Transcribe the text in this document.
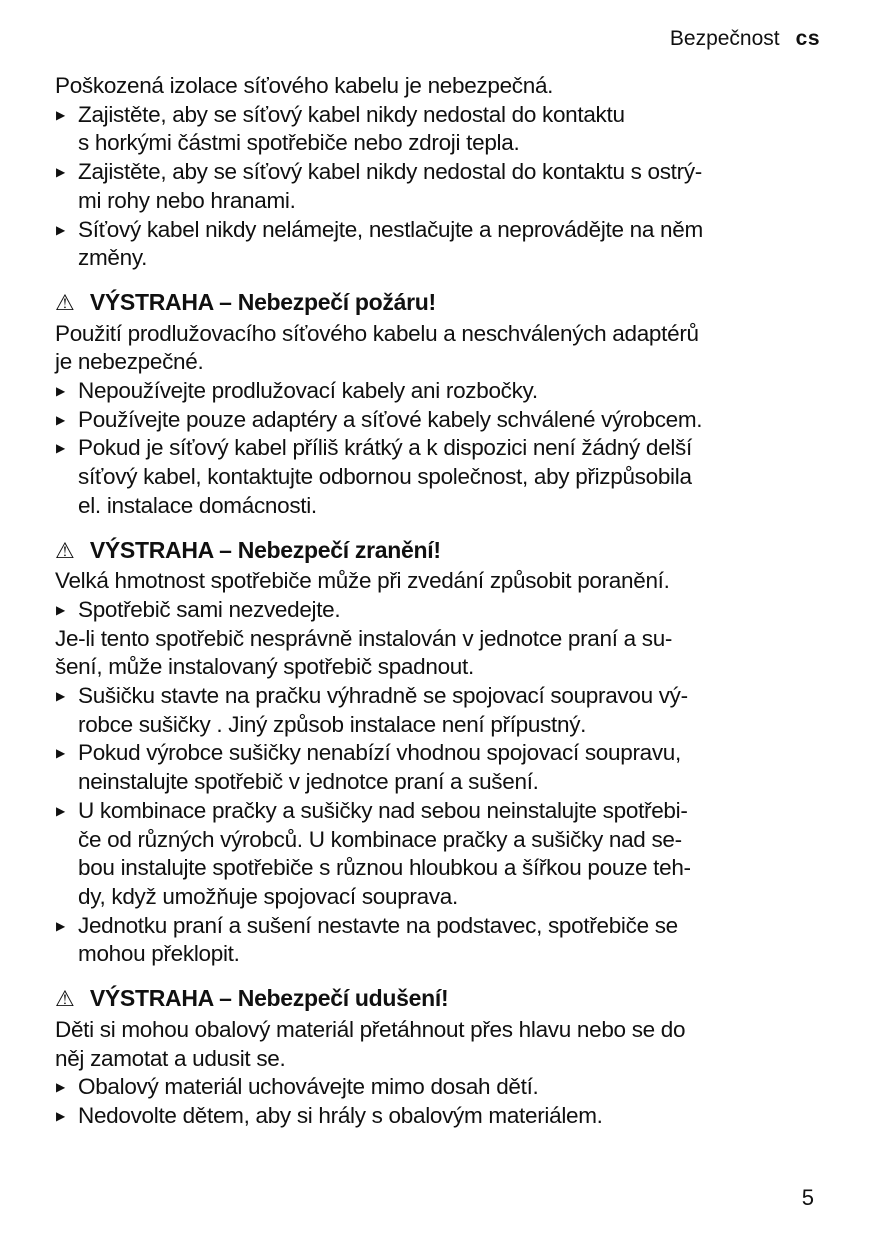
Bezpečnost cs

Poškozená izolace síťového kabelu je nebezpečná.

▶ Zajistěte, aby se síťový kabel nikdy nedostal do kontaktu
s horkými částmi spotřebiče nebo zdroji tepla.
▶ Zajistěte, aby se síťový kabel nikdy nedostal do kontaktu s ostrý-
mi rohy nebo hranami.
▶ Síťový kabel nikdy nelámejte, nestlačujte a neprovádějte na něm
změny.
⚠ VÝSTRAHA – Nebezpečí požáru!

Použití prodlužovacího síťového kabelu a neschválených adaptérů
je nebezpečné.

▶ Nepoužívejte prodlužovací kabely ani rozbočky.
▶ Používejte pouze adaptéry a síťové kabely schválené výrobcem.
▶ Pokud je síťový kabel příliš krátký a k dispozici není žádný delší
síťový kabel, kontaktujte odbornou společnost, aby přizpůsobila
el. instalace domácnosti.
⚠ VÝSTRAHA – Nebezpečí zranění!

Velká hmotnost spotřebiče může při zvedání způsobit poranění.

▶ Spotřebič sami nezvedejte.

Je-li tento spotřebič nesprávně instalován v jednotce praní a su-
šení, může instalovaný spotřebič spadnout.

▶ Sušičku stavte na pračku výhradně se spojovací soupravou vý-
robce sušičky . Jiný způsob instalace není přípustný.
▶ Pokud výrobce sušičky nenabízí vhodnou spojovací soupravu,
neinstalujte spotřebič v jednotce praní a sušení.
▶ U kombinace pračky a sušičky nad sebou neinstalujte spotřebi-
če od různých výrobců. U kombinace pračky a sušičky nad se-
bou instalujte spotřebiče s různou hloubkou a šířkou pouze teh-
dy, když umožňuje spojovací souprava.
▶ Jednotku praní a sušení nestavte na podstavec, spotřebiče se
mohou překlopit.
⚠ VÝSTRAHA – Nebezpečí udušení!

Děti si mohou obalový materiál přetáhnout přes hlavu nebo se do
něj zamotat a udusit se.

▶ Obalový materiál uchovávejte mimo dosah dětí.
▶ Nedovolte dětem, aby si hrály s obalovým materiálem.
5
